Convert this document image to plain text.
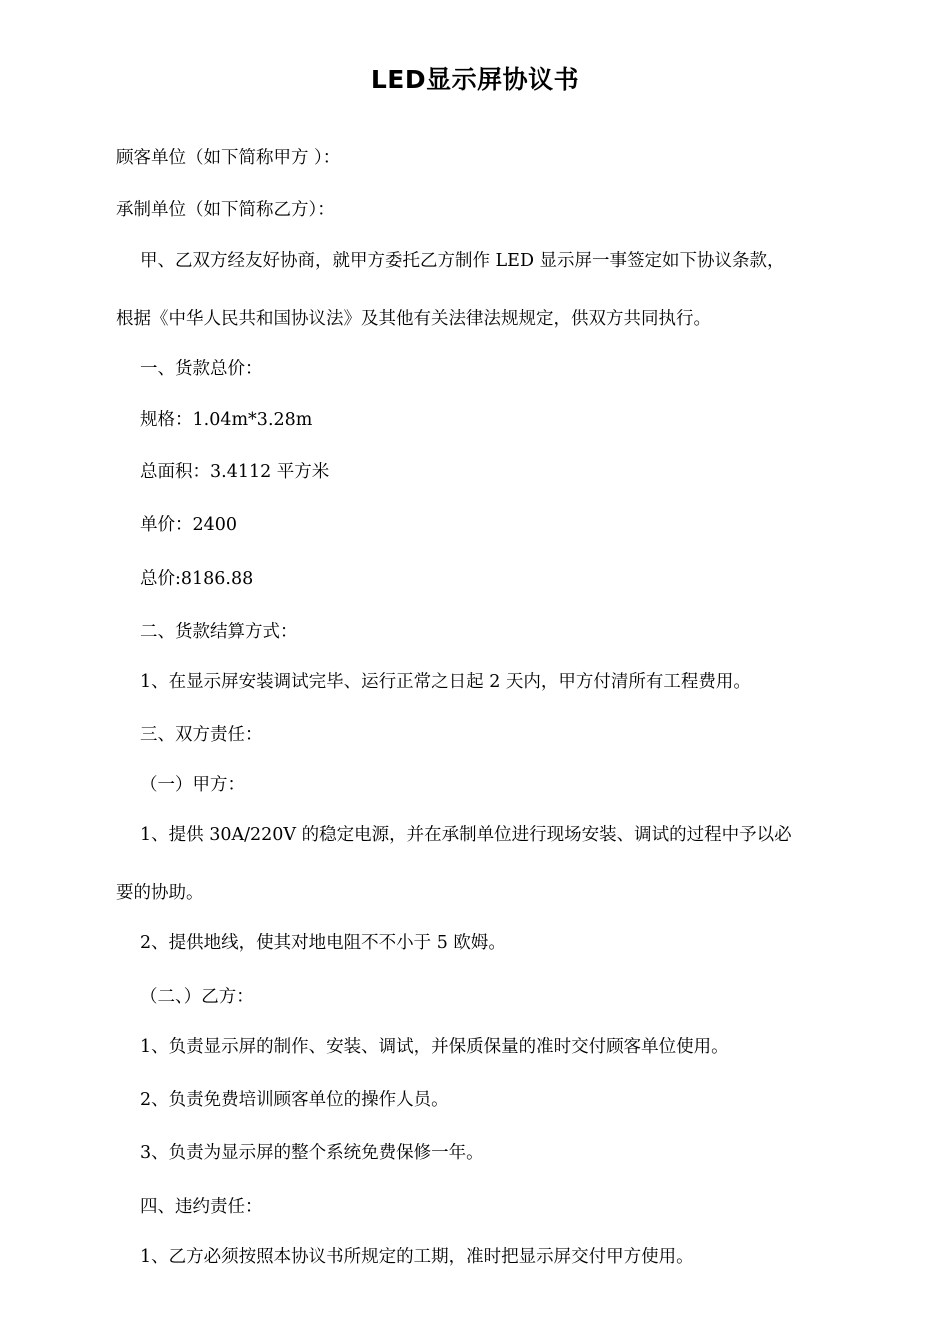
LED显示屏协议书
顾客单位（如下简称甲方 ）：
承制单位（如下简称乙方）：
甲、乙双方经友好协商，就甲方委托乙方制作 LED 显示屏一事签定如下协议条款，
根据《中华人民共和国协议法》及其他有关法律法规规定，供双方共同执行。
一、货款总价：
规格：1.04m*3.28m
总面积：3.4112 平方米
单价：2400
总价:8186.88
二、货款结算方式：
1、在显示屏安装调试完毕、运行正常之日起 2 天内，甲方付清所有工程费用。
三、双方责任：
（一）甲方：
1、提供 30A/220V 的稳定电源，并在承制单位进行现场安装、调试的过程中予以必
要的协助。
2、提供地线，使其对地电阻不不小于 5 欧姆。
（二、）乙方：
1、负责显示屏的制作、安装、调试，并保质保量的准时交付顾客单位使用。
2、负责免费培训顾客单位的操作人员。
3、负责为显示屏的整个系统免费保修一年。
四、违约责任：
1、乙方必须按照本协议书所规定的工期，准时把显示屏交付甲方使用。
